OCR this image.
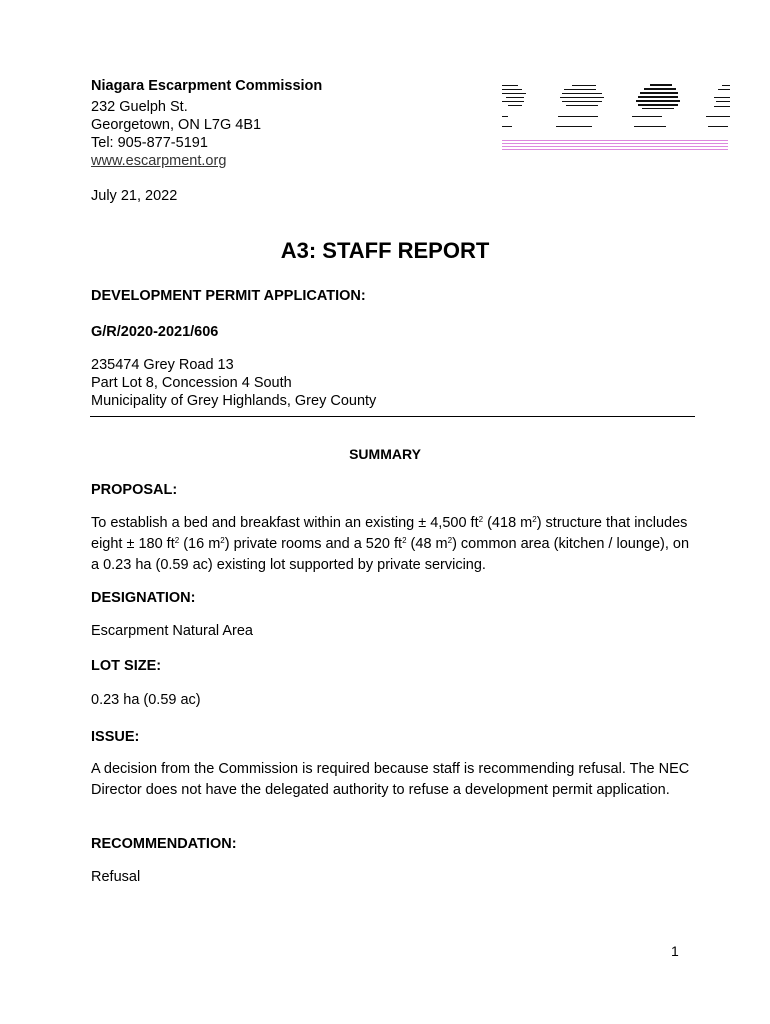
Niagara Escarpment Commission
232 Guelph St.
Georgetown, ON L7G 4B1
Tel: 905-877-5191
www.escarpment.org
July 21, 2022
A3: STAFF REPORT
DEVELOPMENT PERMIT APPLICATION:
G/R/2020-2021/606
235474 Grey Road 13
Part Lot 8, Concession 4 South
Municipality of Grey Highlands, Grey County
SUMMARY
PROPOSAL:
To establish a bed and breakfast within an existing ± 4,500 $ft^2$ (418 $m^2$) structure that includes eight ± 180 $ft^2$ (16 $m^2$) private rooms and a 520 $ft^2$ (48 $m^2$) common area (kitchen / lounge), on a 0.23 ha (0.59 ac) existing lot supported by private servicing.
DESIGNATION:
Escarpment Natural Area
LOT SIZE:
0.23 ha (0.59 ac)
ISSUE:
A decision from the Commission is required because staff is recommending refusal. The NEC Director does not have the delegated authority to refuse a development permit application.
RECOMMENDATION:
Refusal
1
